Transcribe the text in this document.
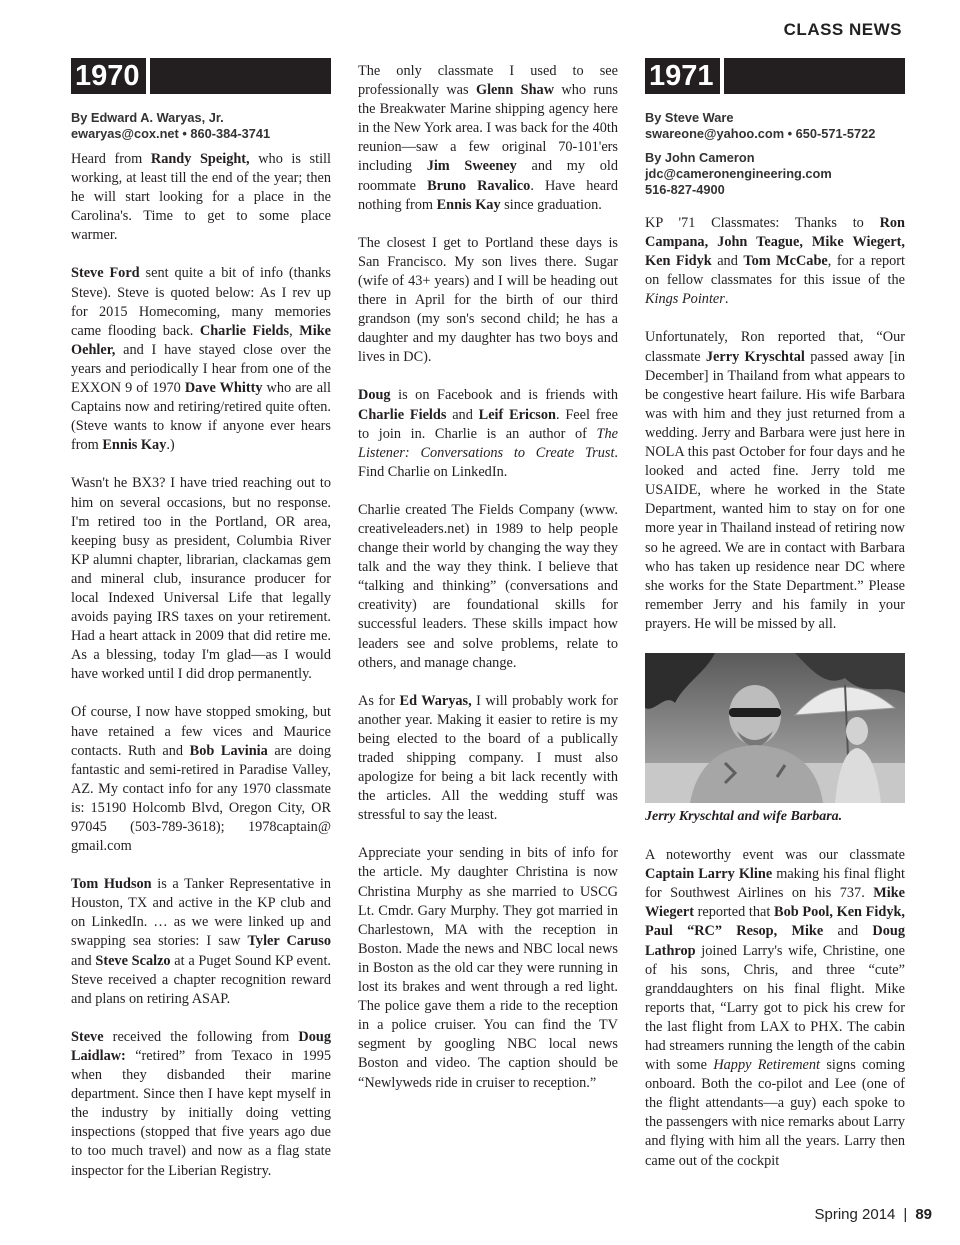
CLASS NEWS
1970
By Edward A. Waryas, Jr.
ewaryas@cox.net • 860-384-3741

Heard from Randy Speight, who is still working, at least till the end of the year; then he will start looking for a place in the Carolina's. Time to get to some place warmer.

Steve Ford sent quite a bit of info (thanks Steve). Steve is quoted below: As I rev up for 2015 Homecoming, many memories came flooding back. Charlie Fields, Mike Oehler, and I have stayed close over the years and periodically I hear from one of the EXXON 9 of 1970 Dave Whitty who are all Captains now and retiring/retired quite often. (Steve wants to know if anyone ever hears from Ennis Kay.)

Wasn't he BX3? I have tried reaching out to him on several occasions, but no response. I'm retired too in the Portland, OR area, keeping busy as president, Columbia River KP alumni chapter, librarian, clackamas gem and mineral club, insurance producer for local Indexed Universal Life that legally avoids paying IRS taxes on your retirement. Had a heart attack in 2009 that did retire me. As a blessing, today I'm glad—as I would have worked until I did drop permanently.

Of course, I now have stopped smoking, but have retained a few vices and Maurice contacts. Ruth and Bob Lavinia are doing fantastic and semi-retired in Paradise Valley, AZ. My contact info for any 1970 classmate is: 15190 Holcomb Blvd, Oregon City, OR 97045 (503-789-3618); 1978captain@ gmail.com

Tom Hudson is a Tanker Representative in Houston, TX and active in the KP club and on LinkedIn. … as we were linked up and swapping sea stories: I saw Tyler Caruso and Steve Scalzo at a Puget Sound KP event. Steve received a chapter recognition reward and plans on retiring ASAP.

Steve received the following from Doug Laidlaw: “retired” from Texaco in 1995 when they disbanded their marine department. Since then I have kept myself in the industry by initially doing vetting inspections (stopped that five years ago due to too much travel) and now as a flag state inspector for the Liberian Registry.

The only classmate I used to see professionally was Glenn Shaw who runs the Breakwater Marine shipping agency here in the New York area. I was back for the 40th reunion—saw a few original 70-101'ers including Jim Sweeney and my old roommate Bruno Ravalico. Have heard nothing from Ennis Kay since graduation.

The closest I get to Portland these days is San Francisco. My son lives there. Sugar (wife of 43+ years) and I will be heading out there in April for the birth of our third grandson (my son's second child; he has a daughter and my daughter has two boys and lives in DC).

Doug is on Facebook and is friends with Charlie Fields and Leif Ericson. Feel free to join in. Charlie is an author of The Listener: Conversations to Create Trust. Find Charlie on LinkedIn.

Charlie created The Fields Company (www. creativeleaders.net) in 1989 to help people change their world by changing the way they talk and the way they think. I believe that “talking and thinking” (conversations and creativity) are foundational skills for successful leaders. These skills impact how leaders see and solve problems, relate to others, and manage change.

As for Ed Waryas, I will probably work for another year. Making it easier to retire is my being elected to the board of a publically traded shipping company. I must also apologize for being a bit lack recently with the articles. All the wedding stuff was stressful to say the least.

Appreciate your sending in bits of info for the article. My daughter Christina is now Christina Murphy as she married to USCG Lt. Cmdr. Gary Murphy. They got married in Charlestown, MA with the reception in Boston. Made the news and NBC local news in Boston as the old car they were running in lost its brakes and went through a red light. The police gave them a ride to the reception in a police cruiser. You can find the TV segment by googling NBC local news Boston and video. The caption should be “Newlyweds ride in cruiser to reception.”

1971
By Steve Ware
swareone@yahoo.com • 650-571-5722
By John Cameron
jdc@cameronengineering.com
516-827-4900

KP '71 Classmates: Thanks to Ron Campana, John Teague, Mike Wiegert, Ken Fidyk and Tom McCabe, for a report on fellow classmates for this issue of the Kings Pointer.

Unfortunately, Ron reported that, “Our classmate Jerry Kryschtal passed away [in December] in Thailand from what appears to be congestive heart failure. His wife Barbara was with him and they just returned from a wedding. Jerry and Barbara were just here in NOLA this past October for four days and he looked and acted fine. Jerry told me USAIDE, where he worked in the State Department, wanted him to stay on for one more year in Thailand instead of retiring now so he agreed. We are in contact with Barbara who has taken up residence near DC where she works for the State Department.” Please remember Jerry and his family in your prayers. He will be missed by all.

Jerry Kryschtal and wife Barbara.

A noteworthy event was our classmate Captain Larry Kline making his final flight for Southwest Airlines on his 737. Mike Wiegert reported that Bob Pool, Ken Fidyk, Paul “RC” Resop, Mike and Doug Lathrop joined Larry's wife, Christine, one of his sons, Chris, and three “cute” granddaughters on his final flight. Mike reports that, “Larry got to pick his crew for the last flight from LAX to PHX. The cabin had streamers running the length of the cabin with some Happy Retirement signs coming onboard. Both the co-pilot and Lee (one of the flight attendants—a guy) each spoke to the passengers with nice remarks about Larry and flying with him all the years. Larry then came out of the cockpit

Spring 2014 | 89
